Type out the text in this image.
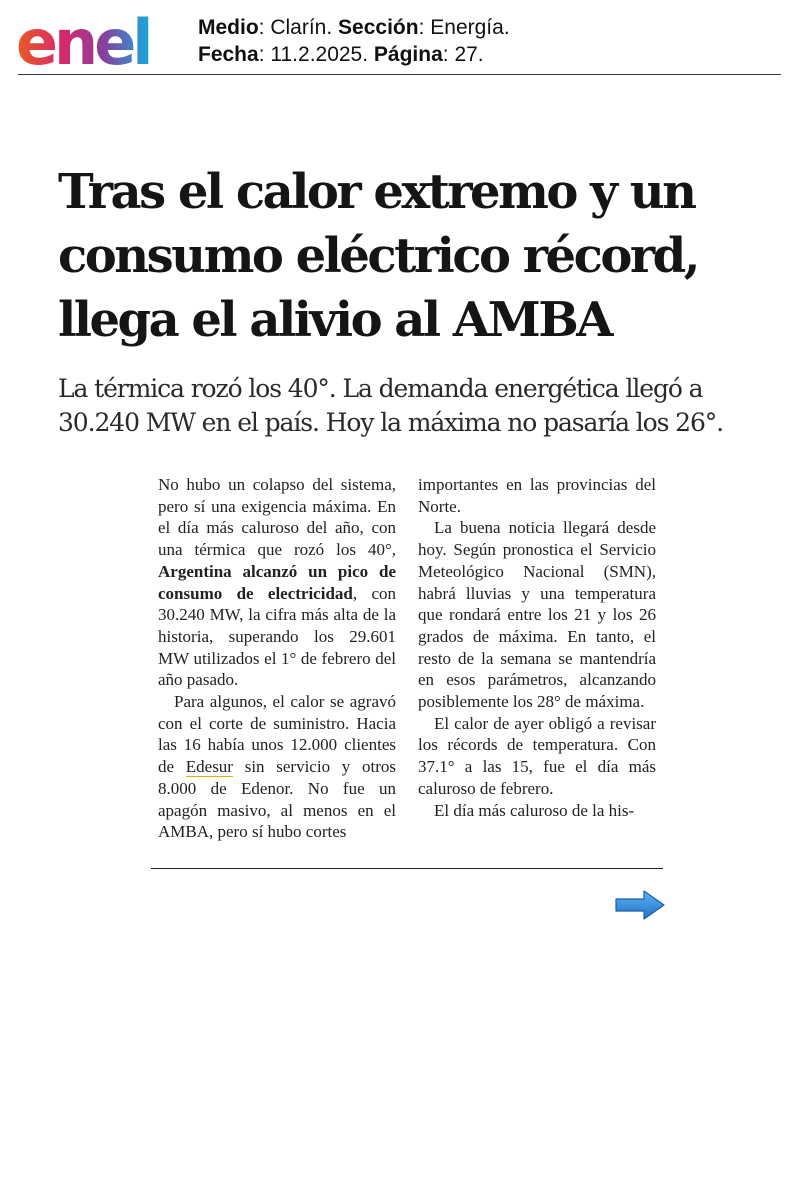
enel Medio: Clarín. Sección: Energía.
Fecha: 11.2.2025. Página: 27.
Tras el calor extremo y un consumo eléctrico récord, llega el alivio al AMBA
La térmica rozó los 40°. La demanda energética llegó a 30.240 MW en el país. Hoy la máxima no pasaría los 26°.

No hubo un colapso del sistema, pero sí una exigencia máxima. En el día más caluroso del año, con una térmica que rozó los 40°, Argentina alcanzó un pico de consumo de electricidad, con 30.240 MW, la cifra más alta de la historia, superando los 29.601 MW utilizados el 1° de febrero del año pasado.

Para algunos, el calor se agravó con el corte de suministro. Hacia las 16 había unos 12.000 clientes de Edesur sin servicio y otros 8.000 de Edenor. No fue un apagón masivo, al menos en el AMBA, pero sí hubo cortes

importantes en las provincias del Norte.

La buena noticia llegará desde hoy. Según pronostica el Servicio Meteológico Nacional (SMN), habrá lluvias y una temperatura que rondará entre los 21 y los 26 grados de máxima. En tanto, el resto de la semana se mantendría en esos parámetros, alcanzando posiblemente los 28° de máxima.

El calor de ayer obligó a revisar los récords de temperatura. Con 37.1° a las 15, fue el día más caluroso de febrero.

El día más caluroso de la his-
